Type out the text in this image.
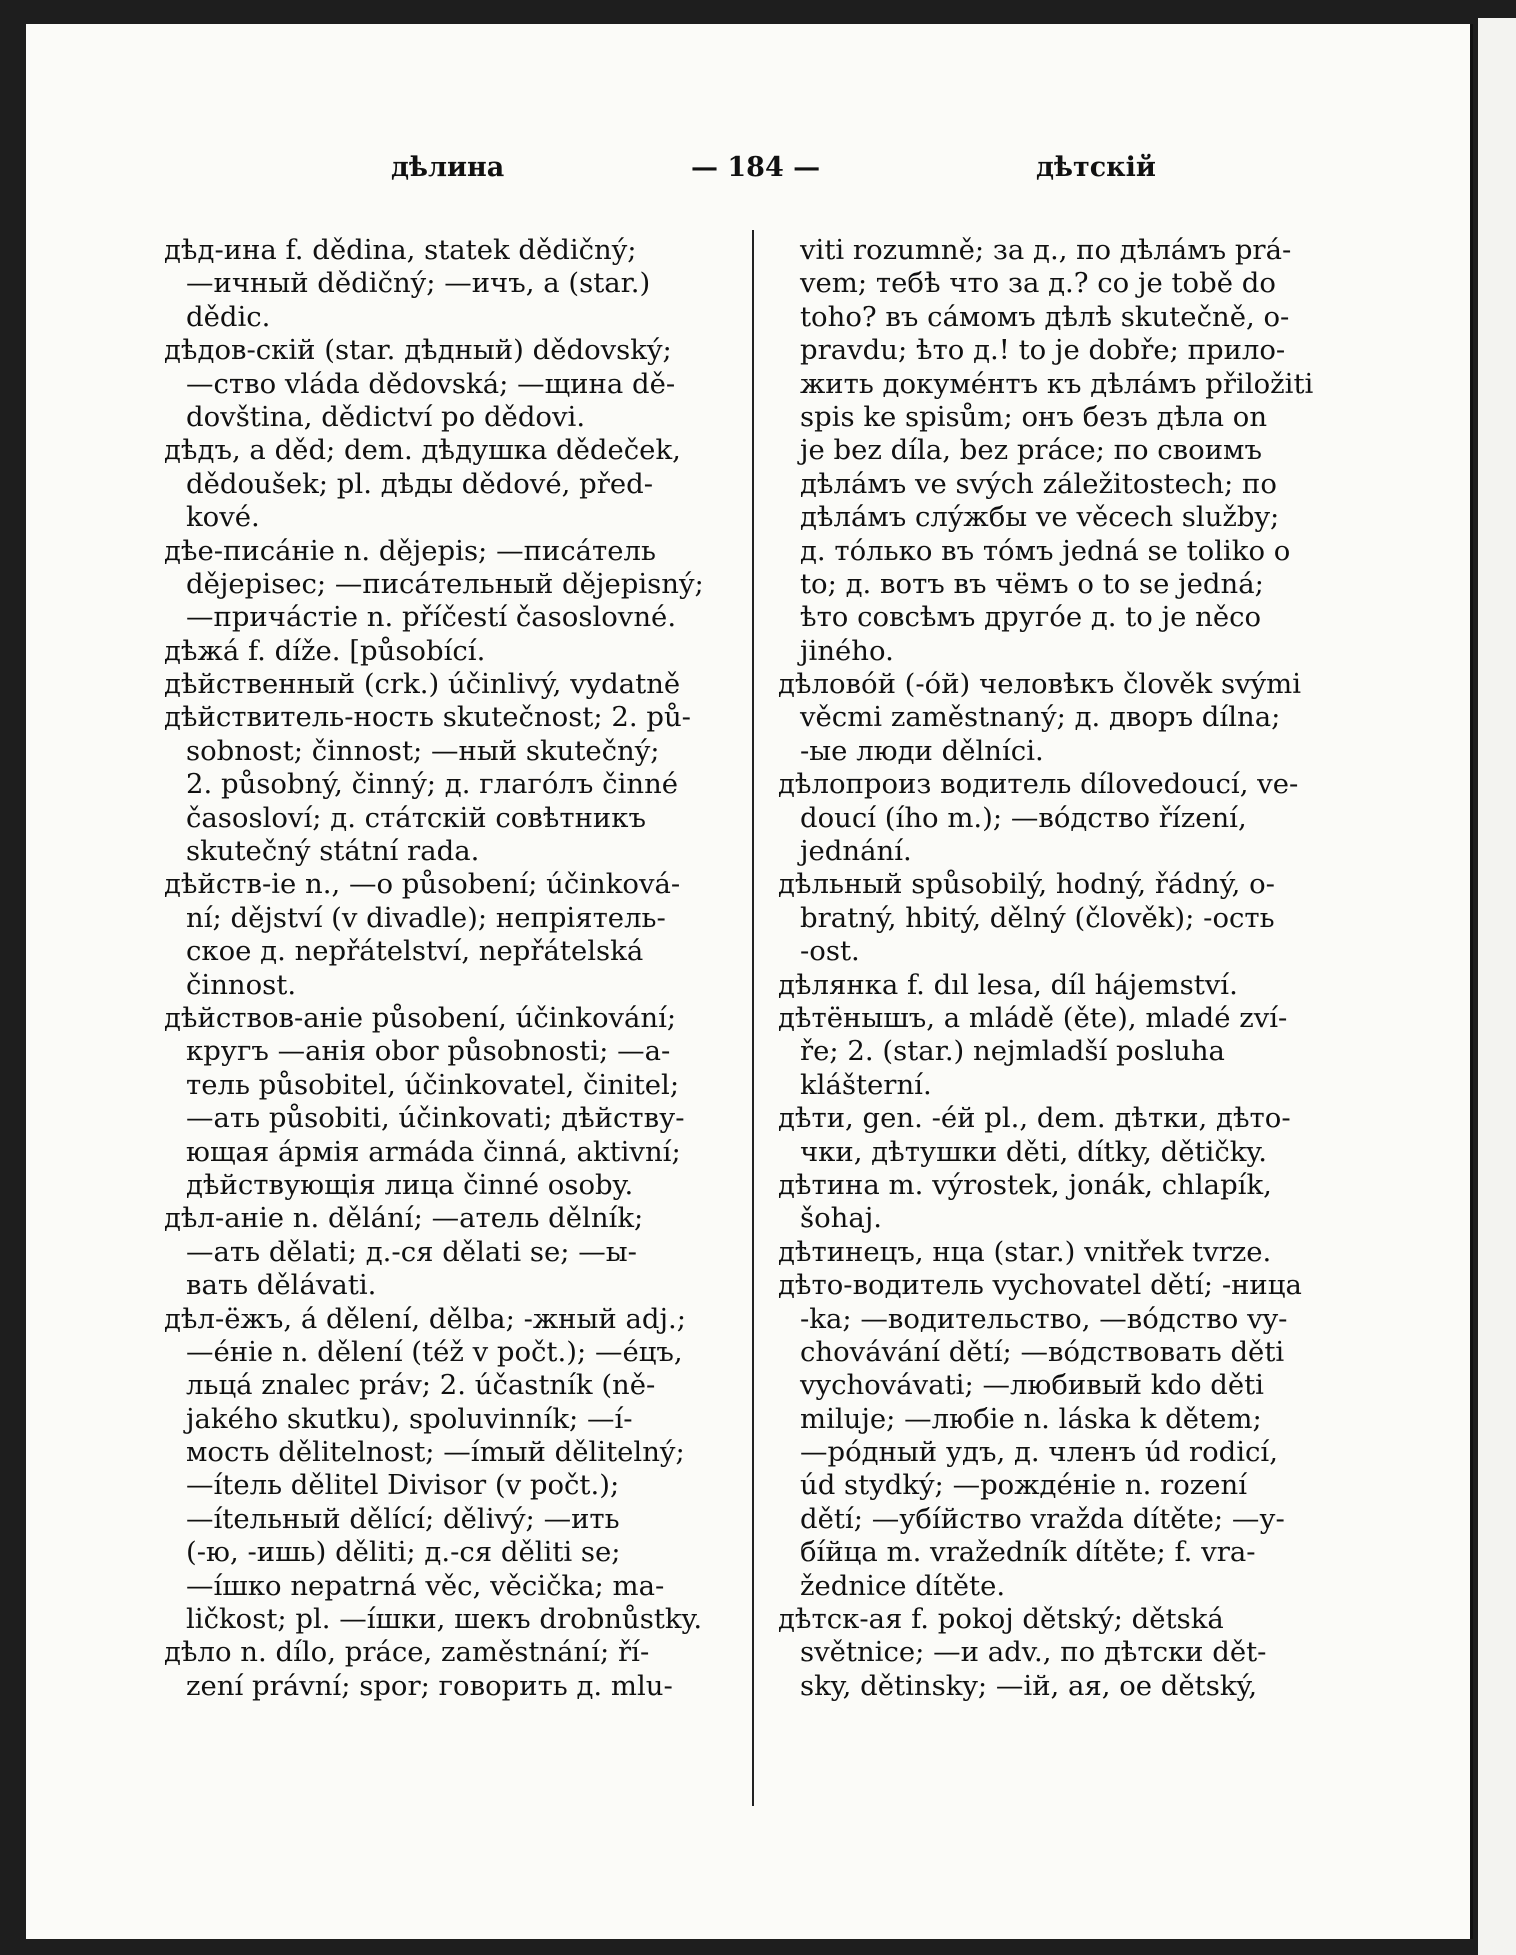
дѣлина	— 184 —	дѣтскій
дѣд-ина f. dědina, statek dědičný;
—ичный dědičný; —ичъ, a (star.)
dědic.
дѣдов-скій (star. дѣдный) dědovský;
—ство vláda dědovská; —щина dě-
dovština, dědictví po dědovi.
дѣдъ, a děd; dem. дѣдушка dědeček,
dědoušek; pl. дѣды dědové, před-
kové.
дѣе-писáніе n. dějepis; —писáтель
dějepisec; —писáтельный dějepisný;
—причáстіе n. příčestí časoslovné.
дѣжá f. díže. [působící.
дѣйственный (crk.) účinlivý, vydatně
дѣйствитель-ность skutečnost; 2. pů-
sobnost; činnost; —ный skutečný;
2. působný, činný; д. глагóлъ činné
časosloví; д. стáтскій совѣтникъ
skutečný státní rada.
дѣйств-іе n., —o působení; účinková-
ní; dějství (v divadle); непріятель-
ское д. nepřátelství, nepřátelská
činnost.
дѣйствов-аніе působení, účinkování;
кругъ —анія obor působnosti; —а-
тель působitel, účinkovatel, činitel;
—ать působiti, účinkovati; дѣйству-
ющая áрмія armáda činná, aktivní;
дѣйствующія лица činné osoby.
дѣл-аніе n. dělání; —атель dělník;
—ать dělati; д.-ся dělati se; —ы-
вать dělávati.
дѣл-ёжъ, á dělení, dělba; -жный adj.;
—éніе n. dělení (též v počt.); —éцъ,
льцá znalec práv; 2. účastník (ně-
jakého skutku), spoluvinník; —í-
мость dělitelnost; —ímый dělitelný;
—ítель dělitel Divisor (v počt.);
—ítельный dělící; dělivý; —ить
(-ю, -ишь) děliti; д.-ся děliti se;
—íшко nepatrná věc, věcička; ma-
ličkost; pl. —íшки, шекъ drobnůstky.
дѣло n. dílo, práce, zaměstnání; ří-
zení právní; spor; говорить д. mlu-
viti rozumně; за д., по дѣлáмъ prá-
vem; тебѣ что за д.? co je tobě do
toho? въ сáмомъ дѣлѣ skutečně, o-
pravdu; ѣто д.! to je dobře; прило-
жить докумéнтъ къ дѣлáмъ přiložiti
spis ke spisům; онъ безъ дѣла on
je bez díla, bez práce; по своимъ
дѣлáмъ ve svých záležitostech; по
дѣлáмъ слýжбы ve věcech služby;
д. тóлько въ тóмъ jedná se toliko o
to; д. вотъ въ чёмъ o to se jedná;
ѣто совсѣмъ другóе д. to je něco
jiného.
дѣловóй (-óй) человѣкъ člověk svými
věcmi zaměstnaný; д. дворъ dílna;
-ые люди dělníci.
дѣлопроиз водитель dílovedoucí, ve-
doucí (ího m.); —вóдство řízení,
jednání.
дѣльный spůsobilý, hodný, řádný, o-
bratný, hbitý, dělný (člověk); -ость
-ost.
дѣлянка f. dıl lesa, díl hájemství.
дѣтёнышъ, a mládě (ěte), mladé zví-
ře; 2. (star.) nejmladší posluha
klášterní.
дѣти, gen. -éй pl., dem. дѣтки, дѣто-
чки, дѣтушки děti, dítky, dětičky.
дѣтина m. výrostek, jonák, chlapík,
šohaj.
дѣтинецъ, нца (star.) vnitřek tvrze.
дѣто-водитель vychovatel dětí; -ница
-ka; —водительство, —вóдство vy-
chovávání dětí; —вóдствовать děti
vychovávati; —любивый kdo děti
miluje; —любіе n. láska k dětem;
—рóдный удъ, д. членъ úd rodicí,
úd stydký; —рождéніе n. rození
dětí; —убíйство vražda dítěte; —у-
бíйца m. vražedník dítěte; f. vra-
žednice dítěte.
дѣтск-ая f. pokoj dětský; dětská
světnice; —и adv., по дѣтски dět-
sky, dětinsky; —ій, ая, ое dětský,
